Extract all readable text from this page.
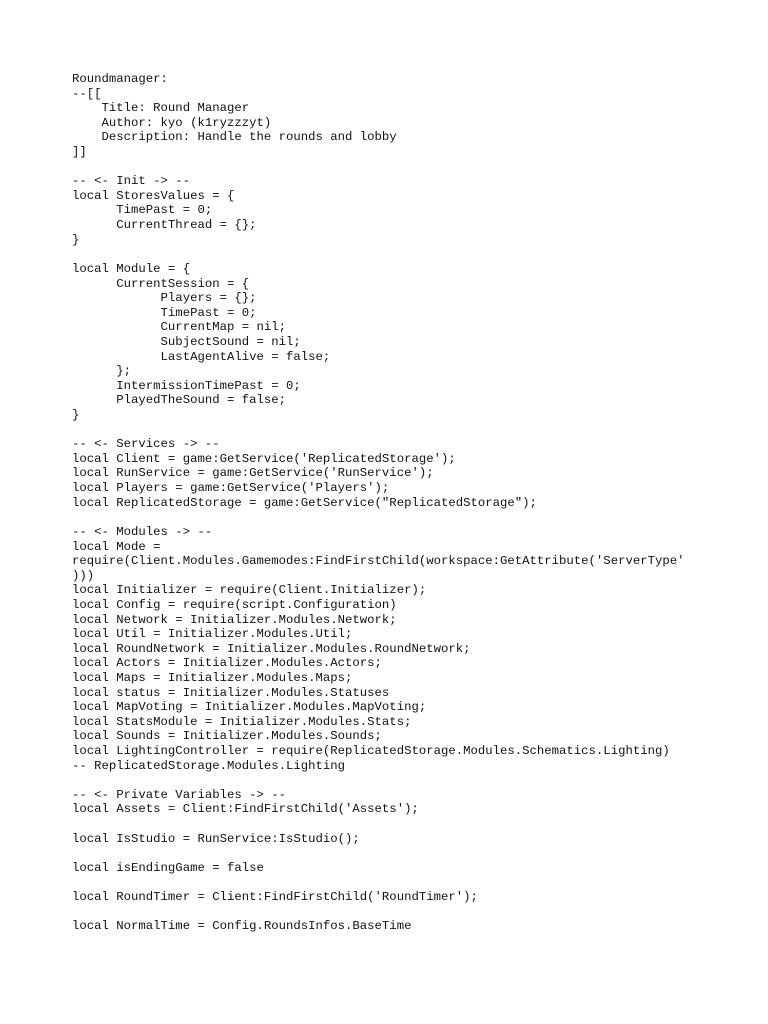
Roundmanager:
--[[
Title: Round Manager
Author: kyo (k1ryzzzyt)
Description: Handle the rounds and lobby
]]
-- <- Init -> --
local StoresValues = {
TimePast = 0;
CurrentThread = {};
}
local Module = {
CurrentSession = {
Players = {};
TimePast = 0;
CurrentMap = nil;
SubjectSound = nil;
LastAgentAlive = false;
};
IntermissionTimePast = 0;
PlayedTheSound = false;
}
-- <- Services -> --
local Client = game:GetService('ReplicatedStorage');
local RunService = game:GetService('RunService');
local Players = game:GetService('Players');
local ReplicatedStorage = game:GetService("ReplicatedStorage");
-- <- Modules -> --
local Mode =
require(Client.Modules.Gamemodes:FindFirstChild(workspace:GetAttribute('ServerType'
)))
local Initializer = require(Client.Initializer);
local Config = require(script.Configuration)
local Network = Initializer.Modules.Network;
local Util = Initializer.Modules.Util;
local RoundNetwork = Initializer.Modules.RoundNetwork;
local Actors = Initializer.Modules.Actors;
local Maps = Initializer.Modules.Maps;
local status = Initializer.Modules.Statuses
local MapVoting = Initializer.Modules.MapVoting;
local StatsModule = Initializer.Modules.Stats;
local Sounds = Initializer.Modules.Sounds;
local LightingController = require(ReplicatedStorage.Modules.Schematics.Lighting)
-- ReplicatedStorage.Modules.Lighting
-- <- Private Variables -> --
local Assets = Client:FindFirstChild('Assets');
local IsStudio = RunService:IsStudio();
local isEndingGame = false
local RoundTimer = Client:FindFirstChild('RoundTimer');
local NormalTime = Config.RoundsInfos.BaseTime
